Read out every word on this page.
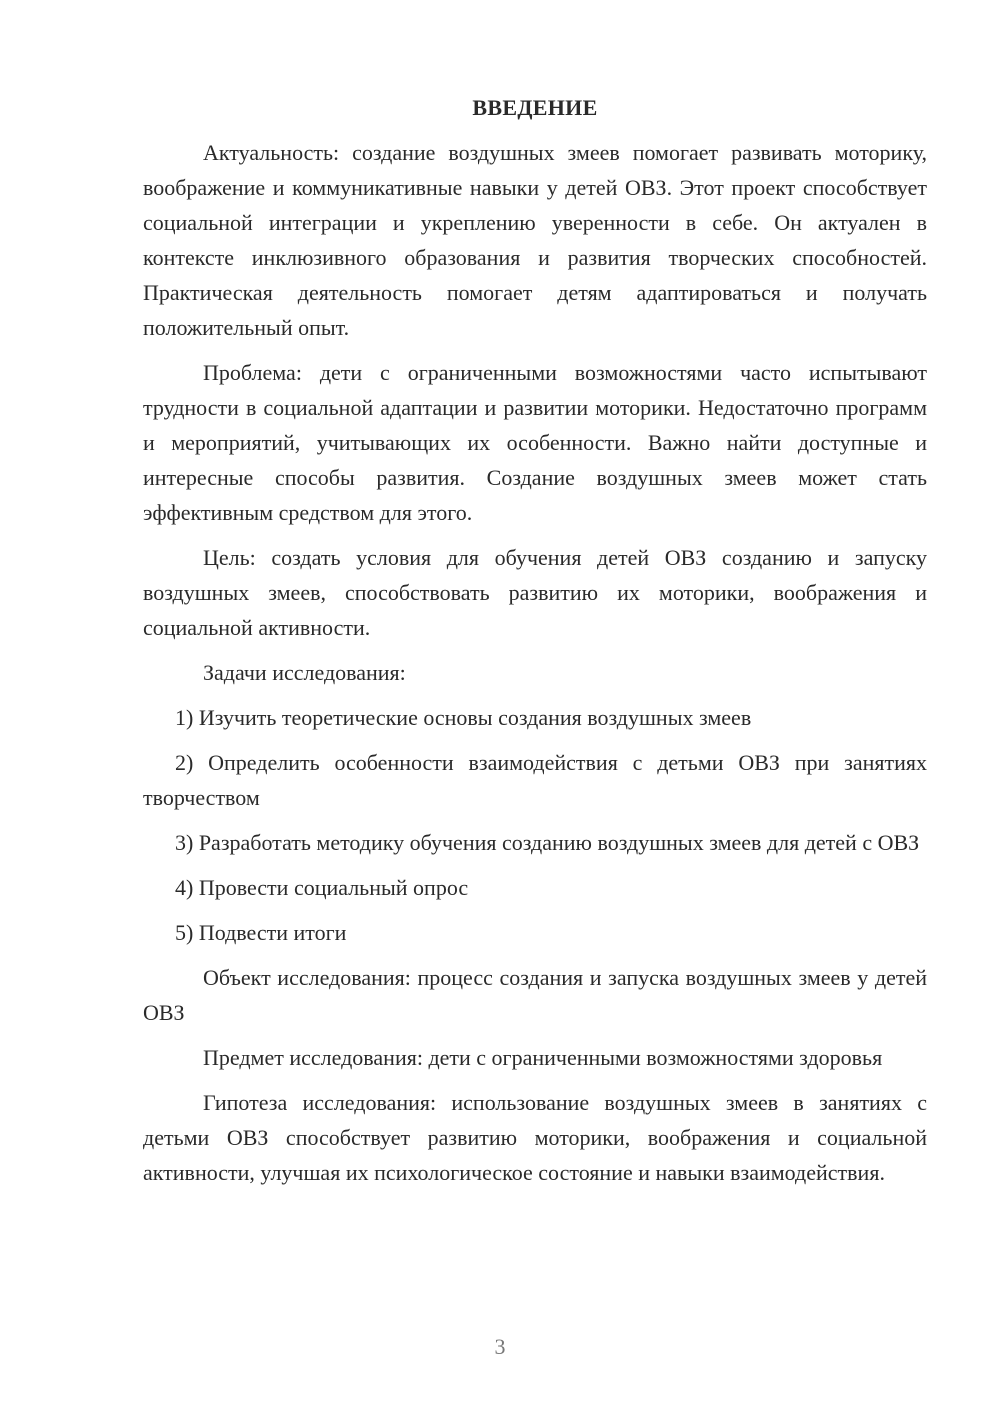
ВВЕДЕНИЕ

Актуальность: создание воздушных змеев помогает развивать моторику, воображение и коммуникативные навыки у детей ОВЗ. Этот проект способствует социальной интеграции и укреплению уверенности в себе. Он актуален в контексте инклюзивного образования и развития творческих способностей. Практическая деятельность помогает детям адаптироваться и получать положительный опыт.

Проблема: дети с ограниченными возможностями часто испытывают трудности в социальной адаптации и развитии моторики. Недостаточно программ и мероприятий, учитывающих их особенности. Важно найти доступные и интересные способы развития. Создание воздушных змеев может стать эффективным средством для этого.

Цель: создать условия для обучения детей ОВЗ созданию и запуску воздушных змеев, способствовать развитию их моторики, воображения и социальной активности.

Задачи исследования:

1) Изучить теоретические основы создания воздушных змеев

2) Определить особенности взаимодействия с детьми ОВЗ при занятиях творчеством

3) Разработать методику обучения созданию воздушных змеев для детей с ОВЗ

4) Провести социальный опрос

5) Подвести итоги

Объект исследования: процесс создания и запуска воздушных змеев у детей ОВЗ

Предмет исследования: дети с ограниченными возможностями здоровья

Гипотеза исследования: использование воздушных змеев в занятиях с детьми ОВЗ способствует развитию моторики, воображения и социальной активности, улучшая их психологическое состояние и навыки взаимодействия.

3
